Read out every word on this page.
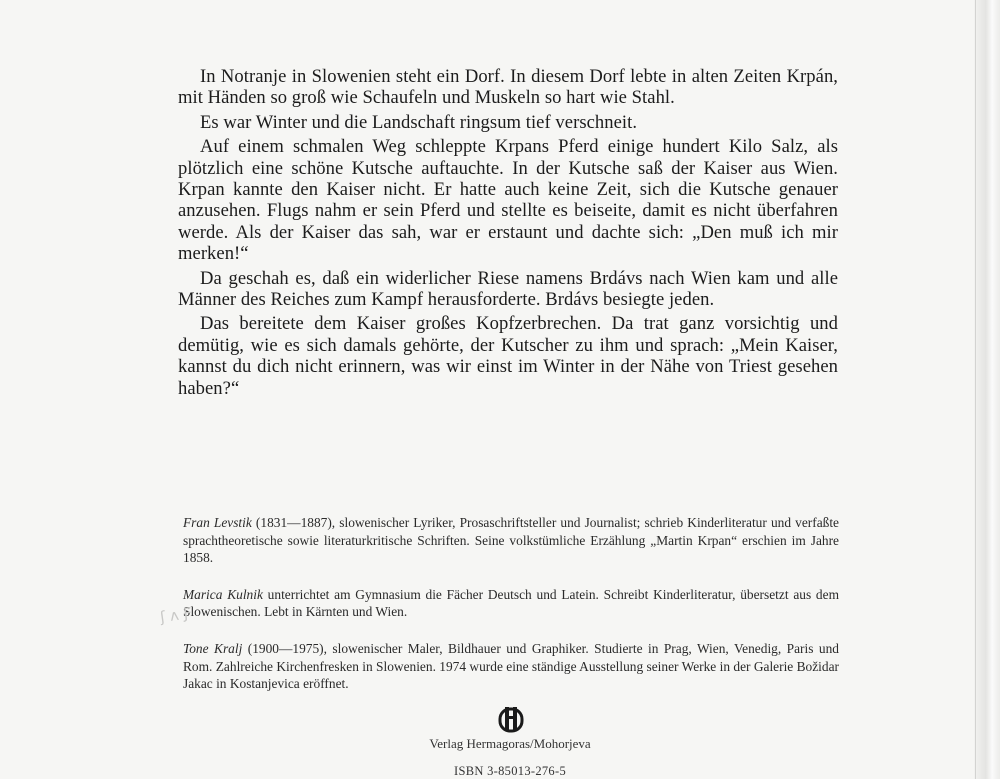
In Notranje in Slowenien steht ein Dorf. In diesem Dorf lebte in alten Zeiten Krpán, mit Händen so groß wie Schaufeln und Muskeln so hart wie Stahl.

Es war Winter und die Landschaft ringsum tief verschneit.

Auf einem schmalen Weg schleppte Krpans Pferd einige hundert Kilo Salz, als plötzlich eine schöne Kutsche auftauchte. In der Kutsche saß der Kaiser aus Wien. Krpan kannte den Kaiser nicht. Er hatte auch keine Zeit, sich die Kutsche genauer anzusehen. Flugs nahm er sein Pferd und stellte es beiseite, damit es nicht überfahren werde. Als der Kaiser das sah, war er erstaunt und dachte sich: „Den muß ich mir merken!“

Da geschah es, daß ein widerlicher Riese namens Brdávs nach Wien kam und alle Männer des Reiches zum Kampf herausforderte. Brdávs besiegte jeden.

Das bereitete dem Kaiser großes Kopfzerbrechen. Da trat ganz vorsichtig und demütig, wie es sich damals gehörte, der Kutscher zu ihm und sprach: „Mein Kaiser, kannst du dich nicht erinnern, was wir einst im Winter in der Nähe von Triest gesehen haben?“

Fran Levstik (1831—1887), slowenischer Lyriker, Prosaschriftsteller und Journalist; schrieb Kinderliteratur und verfaßte sprachtheoretische sowie literaturkritische Schriften. Seine volkstümliche Erzählung „Martin Krpan“ erschien im Jahre 1858.

Marica Kulnik unterrichtet am Gymnasium die Fächer Deutsch und Latein. Schreibt Kinderliteratur, übersetzt aus dem Slowenischen. Lebt in Kärnten und Wien.

Tone Kralj (1900—1975), slowenischer Maler, Bildhauer und Graphiker. Studierte in Prag, Wien, Venedig, Paris und Rom. Zahlreiche Kirchenfresken in Slowenien. 1974 wurde eine ständige Ausstellung seiner Werke in der Galerie Božidar Jakac in Kostanjevica eröffnet.

ʃ ʌ Ƒ
Verlag Hermagoras/Mohorjeva
ISBN 3-85013-276-5
